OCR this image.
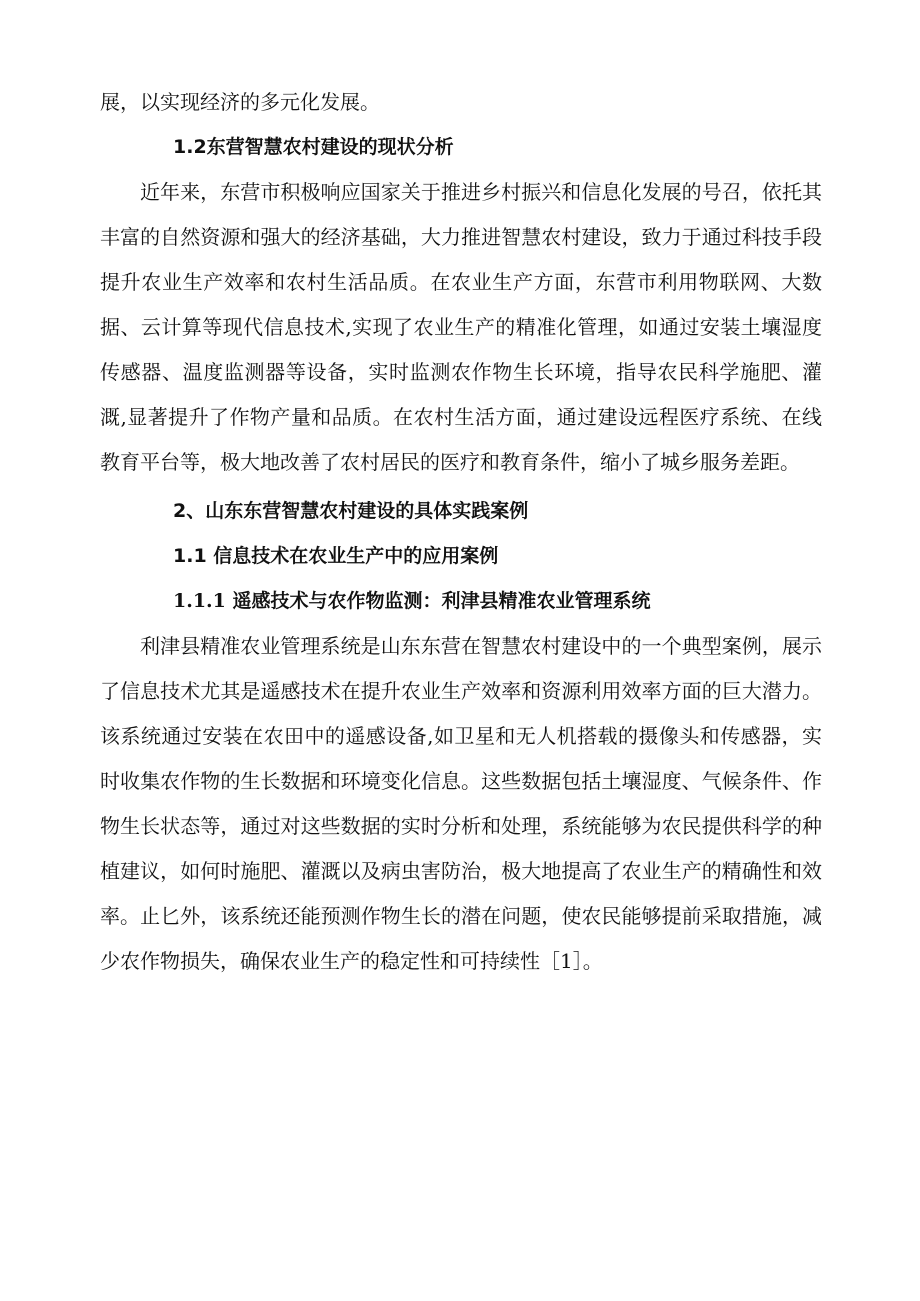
展，以实现经济的多元化发展。

1.2东营智慧农村建设的现状分析

近年来，东营市积极响应国家关于推进乡村振兴和信息化发展的号召，依托其丰富的自然资源和强大的经济基础，大力推进智慧农村建设，致力于通过科技手段提升农业生产效率和农村生活品质。在农业生产方面，东营市利用物联网、大数据、云计算等现代信息技术,实现了农业生产的精准化管理，如通过安装土壤湿度传感器、温度监测器等设备，实时监测农作物生长环境，指导农民科学施肥、灌溉,显著提升了作物产量和品质。在农村生活方面，通过建设远程医疗系统、在线教育平台等，极大地改善了农村居民的医疗和教育条件，缩小了城乡服务差距。

2、山东东营智慧农村建设的具体实践案例
1.1 信息技术在农业生产中的应用案例
1.1.1 遥感技术与农作物监测：利津县精准农业管理系统

利津县精准农业管理系统是山东东营在智慧农村建设中的一个典型案例，展示了信息技术尤其是遥感技术在提升农业生产效率和资源利用效率方面的巨大潜力。该系统通过安装在农田中的遥感设备,如卫星和无人机搭载的摄像头和传感器，实时收集农作物的生长数据和环境变化信息。这些数据包括土壤湿度、气候条件、作物生长状态等，通过对这些数据的实时分析和处理，系统能够为农民提供科学的种植建议，如何时施肥、灌溉以及病虫害防治，极大地提高了农业生产的精确性和效率。止匕外，该系统还能预测作物生长的潜在问题，使农民能够提前采取措施，减少农作物损失，确保农业生产的稳定性和可持续性［1］。
